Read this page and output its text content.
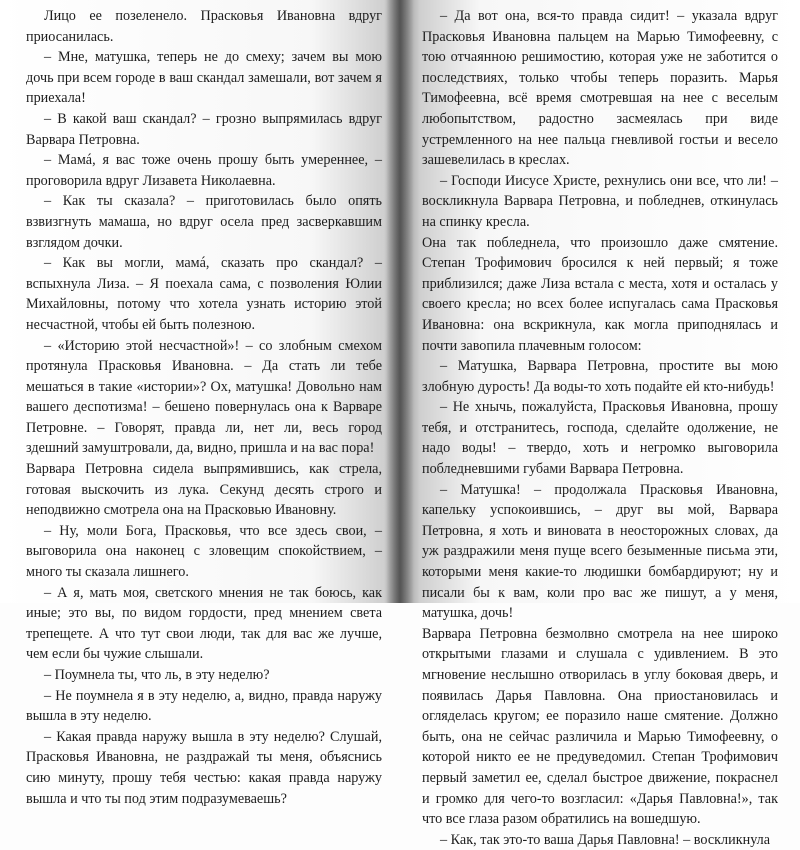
Лицо ее позеленело. Прасковья Ивановна вдруг приосанилась.

– Мне, матушка, теперь не до смеху; зачем вы мою дочь при всем городе в ваш скандал замешали, вот зачем я приехала!

– В какой ваш скандал? – грозно выпрямилась вдруг Варвара Петровна.

– Мамá, я вас тоже очень прошу быть умереннее, – проговорила вдруг Лизавета Николаевна.

– Как ты сказала? – приготовилась было опять взвизгнуть мамаша, но вдруг осела пред засверкавшим взглядом дочки.

– Как вы могли, мамá, сказать про скандал? – вспыхнула Лиза. – Я поехала сама, с позволения Юлии Михайловны, потому что хотела узнать историю этой несчастной, чтобы ей быть полезною.

– «Историю этой несчастной»! – со злобным смехом протянула Прасковья Ивановна. – Да стать ли тебе мешаться в такие «истории»? Ох, матушка! Довольно нам вашего деспотизма! – бешено повернулась она к Варваре Петровне. – Говорят, правда ли, нет ли, весь город здешний замуштровали, да, видно, пришла и на вас пора!

Варвара Петровна сидела выпрямившись, как стрела, готовая выскочить из лука. Секунд десять строго и неподвижно смотрела она на Прасковью Ивановну.

– Ну, моли Бога, Прасковья, что все здесь свои, – выговорила она наконец с зловещим спокойствием, – много ты сказала лишнего.

– А я, мать моя, светского мнения не так боюсь, как иные; это вы, по видом гордости, пред мнением света трепещете. А что тут свои люди, так для вас же лучше, чем если бы чужие слышали.

– Поумнела ты, что ль, в эту неделю?

– Не поумнела я в эту неделю, а, видно, правда наружу вышла в эту неделю.

– Какая правда наружу вышла в эту неделю? Слушай, Прасковья Ивановна, не раздражай ты меня, объяснись сию минуту, прошу тебя честью: какая правда наружу вышла и что ты под этим подразумеваешь?

– Да вот она, вся-то правда сидит! – указала вдруг Прасковья Ивановна пальцем на Марью Тимофеевну, с тою отчаянною решимостию, которая уже не заботится о последствиях, только чтобы теперь поразить. Марья Тимофеевна, всё время смотревшая на нее с веселым любопытством, радостно засмеялась при виде устремленного на нее пальца гневливой гостьи и весело зашевелилась в креслах.

– Господи Иисусе Христе, рехнулись они все, что ли! – воскликнула Варвара Петровна, и побледнев, откинулась на спинку кресла.

Она так побледнела, что произошло даже смятение. Степан Трофимович бросился к ней первый; я тоже приблизился; даже Лиза встала с места, хотя и осталась у своего кресла; но всех более испугалась сама Прасковья Ивановна: она вскрикнула, как могла приподнялась и почти завопила плачевным голосом:

– Матушка, Варвара Петровна, простите вы мою злобную дурость! Да воды-то хоть подайте ей кто-нибудь!

– Не хнычь, пожалуйста, Прасковья Ивановна, прошу тебя, и отстранитесь, господа, сделайте одолжение, не надо воды! – твердо, хоть и негромко выговорила побледневшими губами Варвара Петровна.

– Матушка! – продолжала Прасковья Ивановна, капельку успокоившись, – друг вы мой, Варвара Петровна, я хоть и виновата в неосторожных словах, да уж раздражили меня пуще всего безыменные письма эти, которыми меня какие-то людишки бомбардируют; ну и писали бы к вам, коли про вас же пишут, а у меня, матушка, дочь!

Варвара Петровна безмолвно смотрела на нее широко открытыми глазами и слушала с удивлением. В это мгновение неслышно отворилась в углу боковая дверь, и появилась Дарья Павловна. Она приостановилась и огляделась кругом; ее поразило наше смятение. Должно быть, она не сейчас различила и Марью Тимофеевну, о которой никто ее не предуведомил. Степан Трофимович первый заметил ее, сделал быстрое движение, покраснел и громко для чего-то возгласил: «Дарья Павловна!», так что все глаза разом обратились на вошедшую.

– Как, так это-то ваша Дарья Павловна! – воскликнула
